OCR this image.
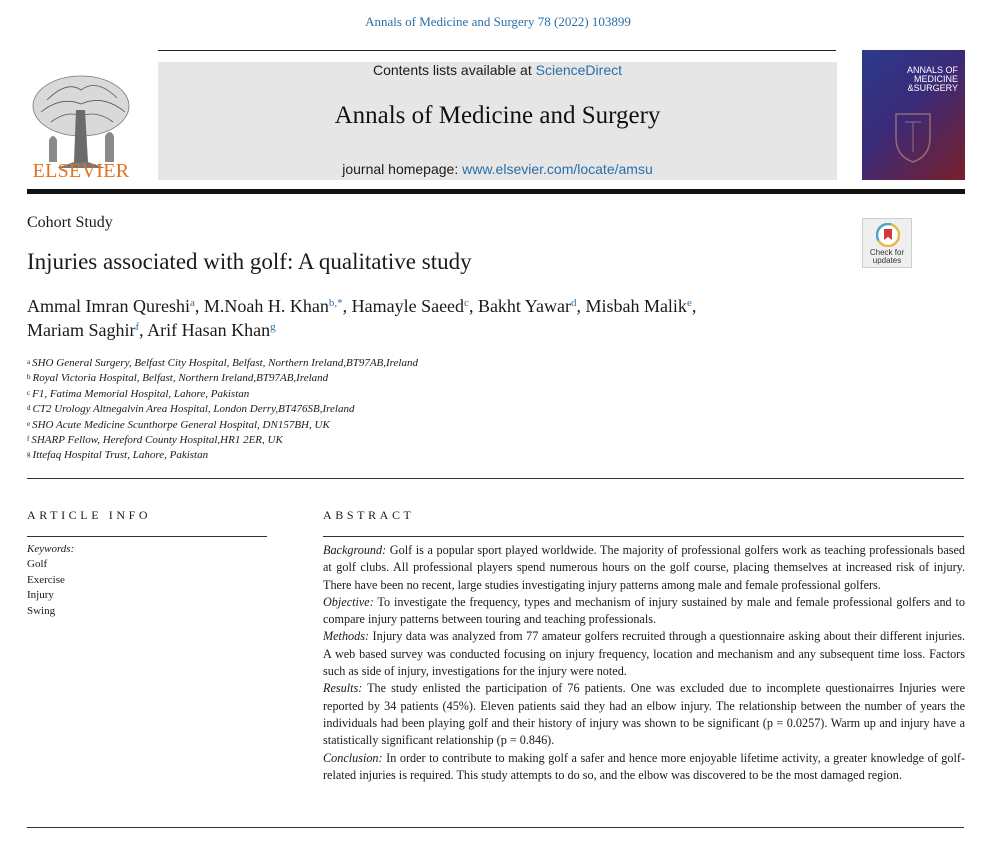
Annals of Medicine and Surgery 78 (2022) 103899
ELSEVIER
Contents lists available at ScienceDirect
Annals of Medicine and Surgery
journal homepage: www.elsevier.com/locate/amsu
ANNALS OF
MEDICINE
&SURGERY
Cohort Study
Injuries associated with golf: A qualitative study	Check for
updates
Ammal Imran Qureshi$^a$, M.Noah H. Khan$^{b,*}$, Hamayle Saeed$^c$, Bakht Yawar$^d$, Misbah Malik$^e$,
Mariam Saghir$^f$, Arif Hasan Khan$^g$
$^a$ SHO General Surgery, Belfast City Hospital, Belfast, Northern Ireland,BT97AB,Ireland
$^b$ Royal Victoria Hospital, Belfast, Northern Ireland,BT97AB,Ireland
$^c$ F1, Fatima Memorial Hospital, Lahore, Pakistan
$^d$ CT2 Urology Altnegalvin Area Hospital, London Derry,BT476SB,Ireland
$^e$ SHO Acute Medicine Scunthorpe General Hospital, DN157BH, UK
$^f$ SHARP Fellow, Hereford County Hospital,HR1 2ER, UK
$^g$ Ittefaq Hospital Trust, Lahore, Pakistan
ARTICLE INFO
Keywords:
Golf
Exercise
Injury
Swing
ABSTRACT

Background: Golf is a popular sport played worldwide. The majority of professional golfers work as teaching professionals based at golf clubs. All professional players spend numerous hours on the golf course, placing themselves at increased risk of injury. There have been no recent, large studies investigating injury patterns among male and female professional golfers.

Objective: To investigate the frequency, types and mechanism of injury sustained by male and female professional golfers and to compare injury patterns between touring and teaching professionals.

Methods: Injury data was analyzed from 77 amateur golfers recruited through a questionnaire asking about their different injuries. A web based survey was conducted focusing on injury frequency, location and mechanism and any subsequent time loss. Factors such as side of injury, investigations for the injury were noted.

Results: The study enlisted the participation of 76 patients. One was excluded due to incomplete questionairres Injuries were reported by 34 patients (45%). Eleven patients said they had an elbow injury. The relationship between the number of years the individuals had been playing golf and their history of injury was shown to be significant (p = 0.0257). Warm up and injury have a statistically significant relationship (p = 0.846).

Conclusion: In order to contribute to making golf a safer and hence more enjoyable lifetime activity, a greater knowledge of golf-related injuries is required. This study attempts to do so, and the elbow was discovered to be the most damaged region.
